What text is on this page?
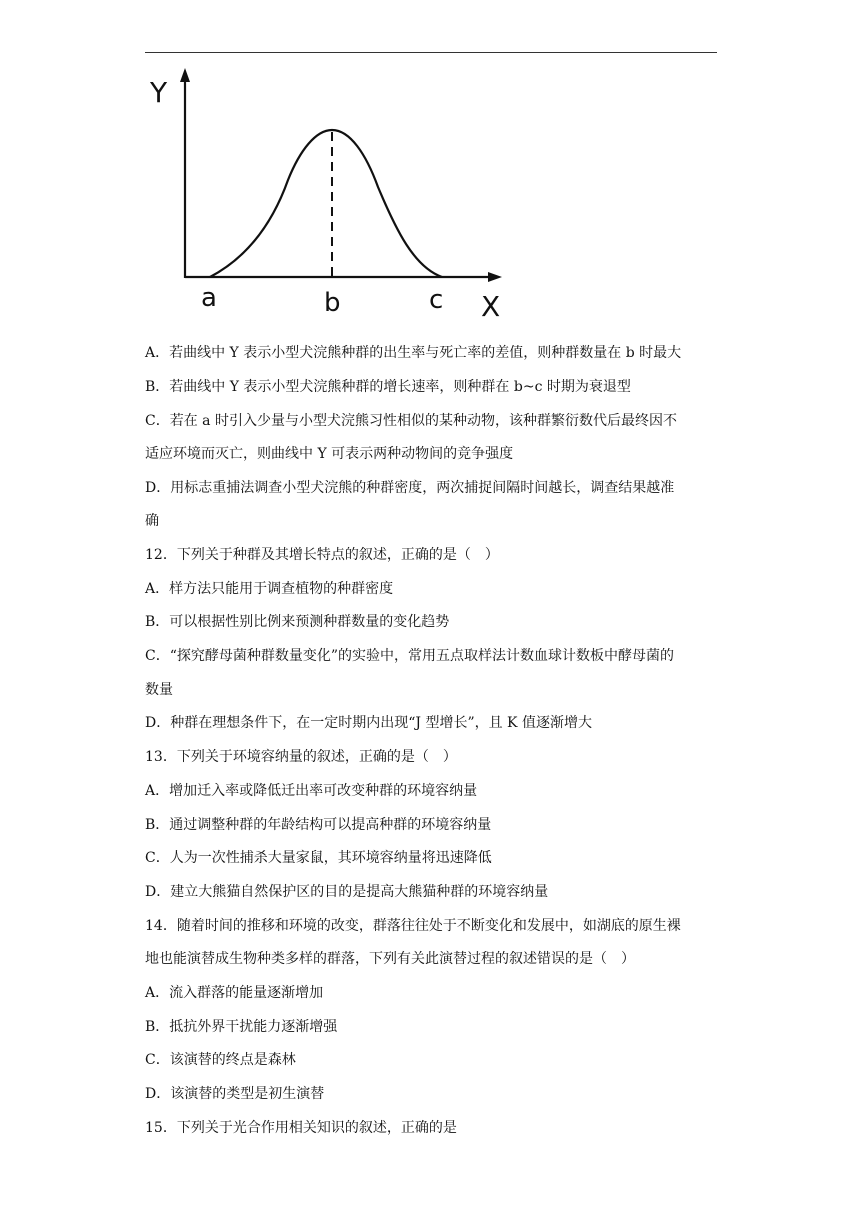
Y
X
a	b	c
A．若曲线中 Y 表示小型犬浣熊种群的出生率与死亡率的差值，则种群数量在 b 时最大
B．若曲线中 Y 表示小型犬浣熊种群的增长速率，则种群在 b~c 时期为衰退型
C．若在 a 时引入少量与小型犬浣熊习性相似的某种动物，该种群繁衍数代后最终因不
适应环境而灭亡，则曲线中 Y 可表示两种动物间的竞争强度
D．用标志重捕法调查小型犬浣熊的种群密度，两次捕捉间隔时间越长，调查结果越准
确
12．下列关于种群及其增长特点的叙述，正确的是（　）
A．样方法只能用于调查植物的种群密度
B．可以根据性别比例来预测种群数量的变化趋势
C．“探究酵母菌种群数量变化”的实验中，常用五点取样法计数血球计数板中酵母菌的
数量
D．种群在理想条件下，在一定时期内出现“J 型增长”，且 K 值逐渐增大
13．下列关于环境容纳量的叙述，正确的是（　）
A．增加迁入率或降低迁出率可改变种群的环境容纳量
B．通过调整种群的年龄结构可以提高种群的环境容纳量
C．人为一次性捕杀大量家鼠，其环境容纳量将迅速降低
D．建立大熊猫自然保护区的目的是提高大熊猫种群的环境容纳量
14．随着时间的推移和环境的改变，群落往往处于不断变化和发展中，如湖底的原生裸
地也能演替成生物种类多样的群落，下列有关此演替过程的叙述错误的是（　）
A．流入群落的能量逐渐增加
B．抵抗外界干扰能力逐渐增强
C．该演替的终点是森林
D．该演替的类型是初生演替
15．下列关于光合作用相关知识的叙述，正确的是
